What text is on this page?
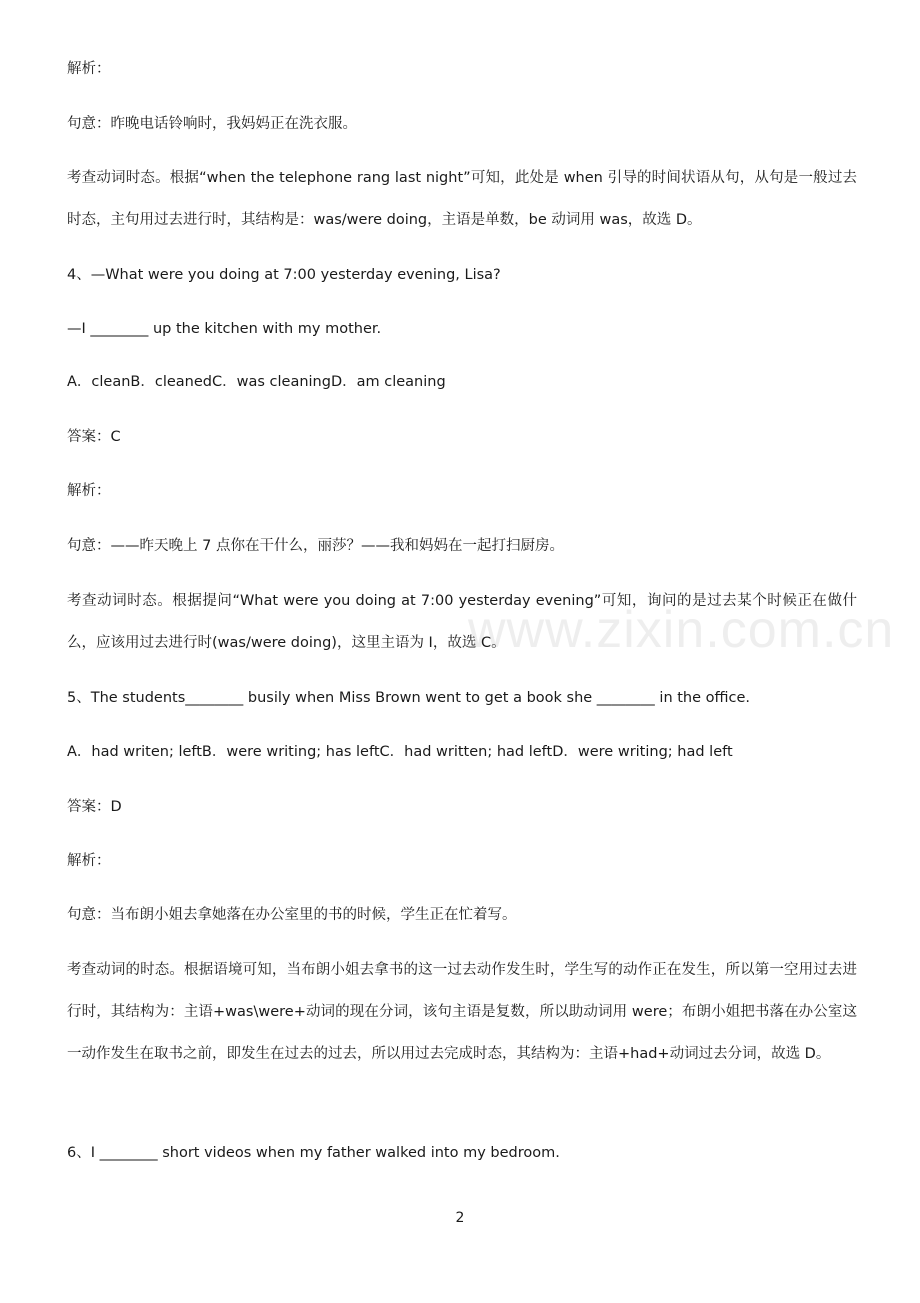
www.zixin.com.cn
解析：
句意：昨晚电话铃响时，我妈妈正在洗衣服。
考查动词时态。根据“when the telephone rang last night”可知，此处是 when 引导的时间状语从句，从句是一般过去时态，主句用过去进行时，其结构是：was/were doing，主语是单数，be 动词用 was，故选 D。
4、—What were you doing at 7:00 yesterday evening, Lisa?
—I ________ up the kitchen with my mother.
A．cleanB．cleanedC．was cleaningD．am cleaning
答案：C
解析：
句意：——昨天晚上 7 点你在干什么，丽莎？——我和妈妈在一起打扫厨房。
考查动词时态。根据提问“What were you doing at 7:00 yesterday evening”可知，询问的是过去某个时候正在做什么，应该用过去进行时(was/were doing)，这里主语为 I，故选 C。
5、The students________ busily when Miss Brown went to get a book she ________ in the office.
A．had writen; leftB．were writing; has leftC．had written; had leftD．were writing; had left
答案：D
解析：
句意：当布朗小姐去拿她落在办公室里的书的时候，学生正在忙着写。
考查动词的时态。根据语境可知，当布朗小姐去拿书的这一过去动作发生时，学生写的动作正在发生，所以第一空用过去进行时，其结构为：主语+was\were+动词的现在分词，该句主语是复数，所以助动词用 were；布朗小姐把书落在办公室这一动作发生在取书之前，即发生在过去的过去，所以用过去完成时态，其结构为：主语+had+动词过去分词，故选 D。
6、I ________ short videos when my father walked into my bedroom.
2
